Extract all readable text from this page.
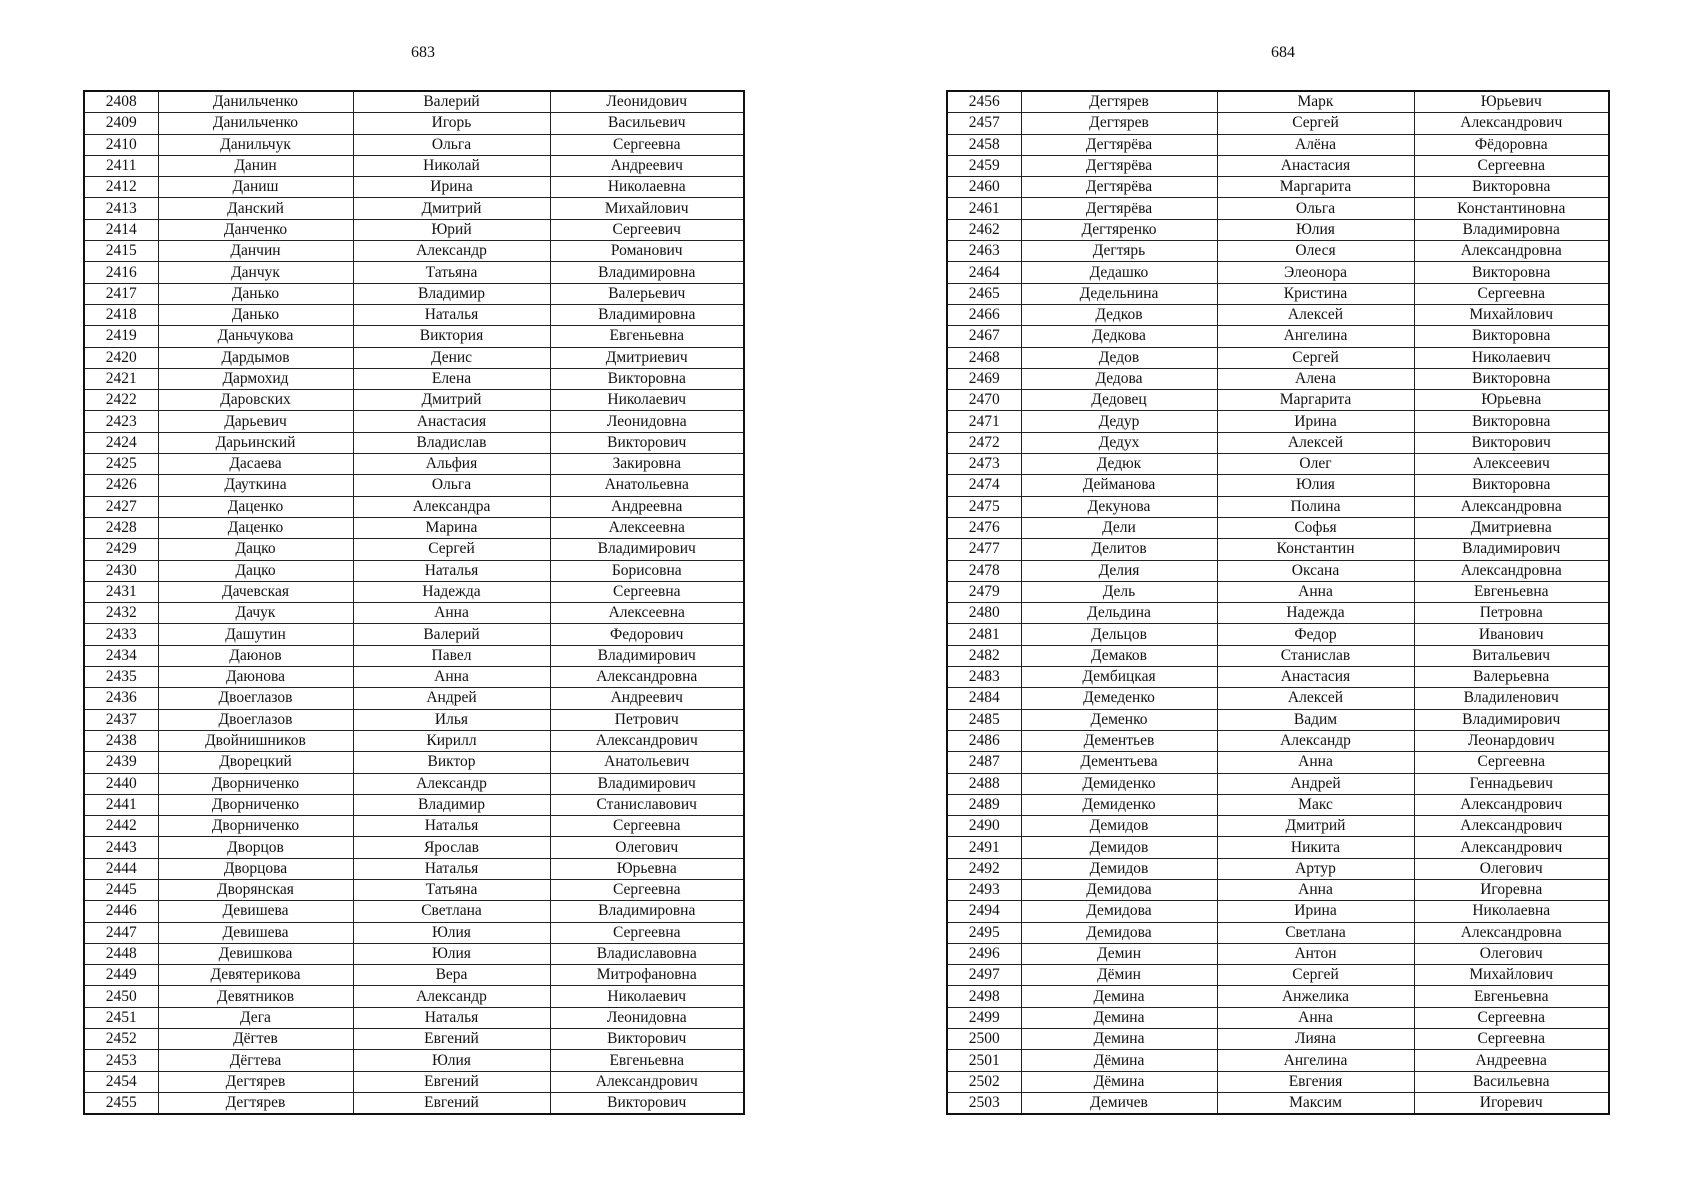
683	684
2408	Данильченко	Валерий	Леонидович
2409	Данильченко	Игорь	Васильевич
2410	Данильчук	Ольга	Сергеевна
2411	Данин	Николай	Андреевич
2412	Даниш	Ирина	Николаевна
2413	Данский	Дмитрий	Михайлович
2414	Данченко	Юрий	Сергеевич
2415	Данчин	Александр	Романович
2416	Данчук	Татьяна	Владимировна
2417	Данько	Владимир	Валерьевич
2418	Данько	Наталья	Владимировна
2419	Даньчукова	Виктория	Евгеньевна
2420	Дардымов	Денис	Дмитриевич
2421	Дармохид	Елена	Викторовна
2422	Даровских	Дмитрий	Николаевич
2423	Дарьевич	Анастасия	Леонидовна
2424	Дарьинский	Владислав	Викторович
2425	Дасаева	Альфия	Закировна
2426	Дауткина	Ольга	Анатольевна
2427	Даценко	Александра	Андреевна
2428	Даценко	Марина	Алексеевна
2429	Дацко	Сергей	Владимирович
2430	Дацко	Наталья	Борисовна
2431	Дачевская	Надежда	Сергеевна
2432	Дачук	Анна	Алексеевна
2433	Дашутин	Валерий	Федорович
2434	Даюнов	Павел	Владимирович
2435	Даюнова	Анна	Александровна
2436	Двоеглазов	Андрей	Андреевич
2437	Двоеглазов	Илья	Петрович
2438	Двойнишников	Кирилл	Александрович
2439	Дворецкий	Виктор	Анатольевич
2440	Дворниченко	Александр	Владимирович
2441	Дворниченко	Владимир	Станиславович
2442	Дворниченко	Наталья	Сергеевна
2443	Дворцов	Ярослав	Олегович
2444	Дворцова	Наталья	Юрьевна
2445	Дворянская	Татьяна	Сергеевна
2446	Девишева	Светлана	Владимировна
2447	Девишева	Юлия	Сергеевна
2448	Девишкова	Юлия	Владиславовна
2449	Девятерикова	Вера	Митрофановна
2450	Девятников	Александр	Николаевич
2451	Дега	Наталья	Леонидовна
2452	Дёгтев	Евгений	Викторович
2453	Дёгтева	Юлия	Евгеньевна
2454	Дегтярев	Евгений	Александрович
2455	Дегтярев	Евгений	Викторович
2456	Дегтярев	Марк	Юрьевич
2457	Дегтярев	Сергей	Александрович
2458	Дегтярёва	Алёна	Фёдоровна
2459	Дегтярёва	Анастасия	Сергеевна
2460	Дегтярёва	Маргарита	Викторовна
2461	Дегтярёва	Ольга	Константиновна
2462	Дегтяренко	Юлия	Владимировна
2463	Дегтярь	Олеся	Александровна
2464	Дедашко	Элеонора	Викторовна
2465	Дедельнина	Кристина	Сергеевна
2466	Дедков	Алексей	Михайлович
2467	Дедкова	Ангелина	Викторовна
2468	Дедов	Сергей	Николаевич
2469	Дедова	Алена	Викторовна
2470	Дедовец	Маргарита	Юрьевна
2471	Дедур	Ирина	Викторовна
2472	Дедух	Алексей	Викторович
2473	Дедюк	Олег	Алексеевич
2474	Дейманова	Юлия	Викторовна
2475	Декунова	Полина	Александровна
2476	Дели	Софья	Дмитриевна
2477	Делитов	Константин	Владимирович
2478	Делия	Оксана	Александровна
2479	Дель	Анна	Евгеньевна
2480	Дельдина	Надежда	Петровна
2481	Дельцов	Федор	Иванович
2482	Демаков	Станислав	Витальевич
2483	Дембицкая	Анастасия	Валерьевна
2484	Демеденко	Алексей	Владиленович
2485	Деменко	Вадим	Владимирович
2486	Дементьев	Александр	Леонардович
2487	Дементьева	Анна	Сергеевна
2488	Демиденко	Андрей	Геннадьевич
2489	Демиденко	Макс	Александрович
2490	Демидов	Дмитрий	Александрович
2491	Демидов	Никита	Александрович
2492	Демидов	Артур	Олегович
2493	Демидова	Анна	Игоревна
2494	Демидова	Ирина	Николаевна
2495	Демидова	Светлана	Александровна
2496	Демин	Антон	Олегович
2497	Дёмин	Сергей	Михайлович
2498	Демина	Анжелика	Евгеньевна
2499	Демина	Анна	Сергеевна
2500	Демина	Лияна	Сергеевна
2501	Дёмина	Ангелина	Андреевна
2502	Дёмина	Евгения	Васильевна
2503	Демичев	Максим	Игоревич
